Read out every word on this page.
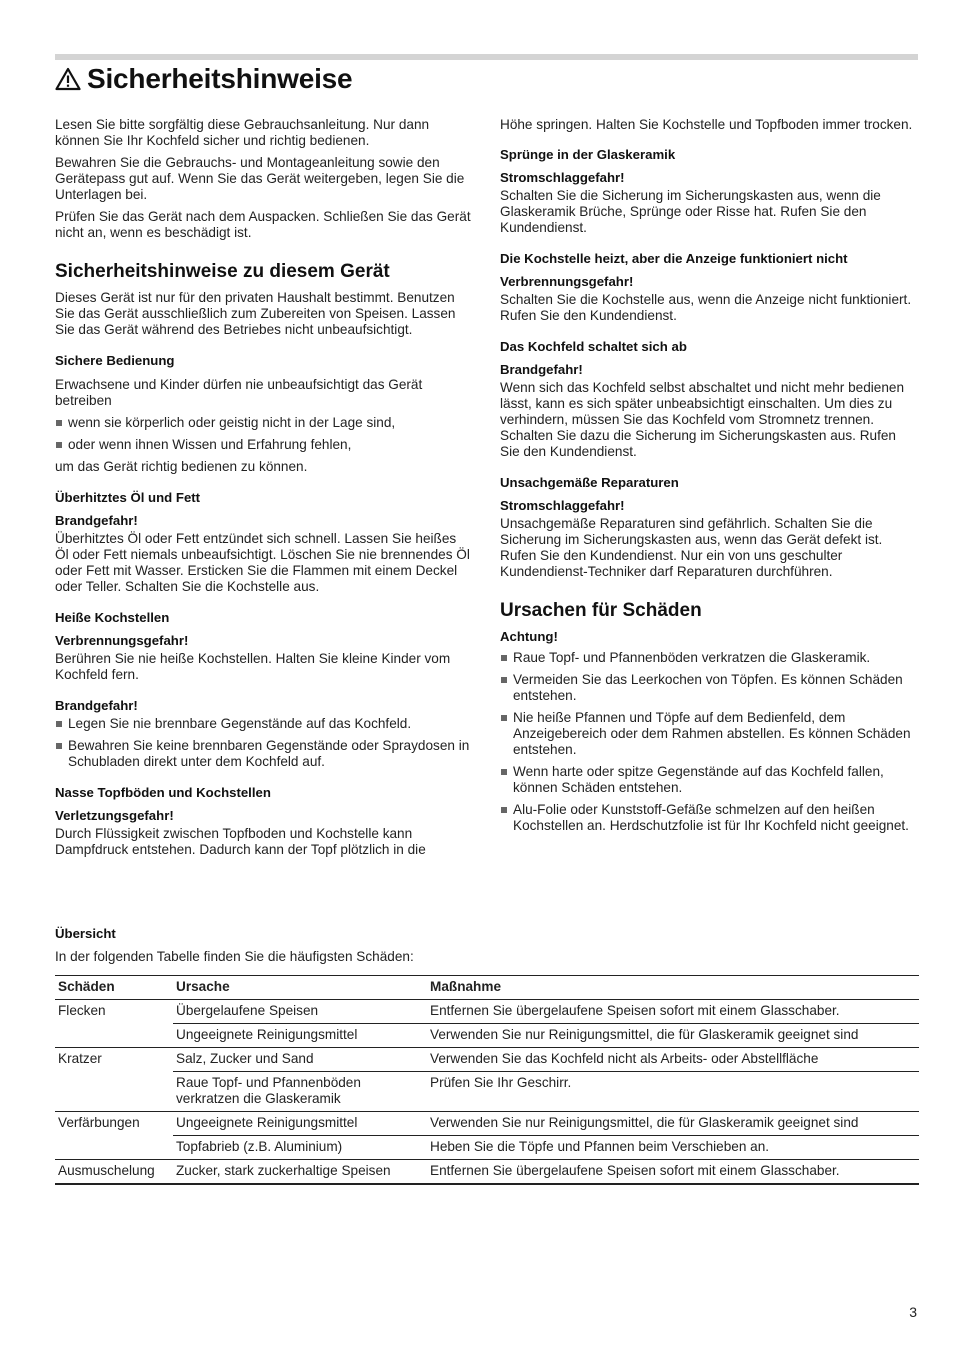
Sicherheitshinweise

Lesen Sie bitte sorgfältig diese Gebrauchsanleitung. Nur dann können Sie Ihr Kochfeld sicher und richtig bedienen.

Bewahren Sie die Gebrauchs- und Montageanleitung sowie den Gerätepass gut auf. Wenn Sie das Gerät weitergeben, legen Sie die Unterlagen bei.

Prüfen Sie das Gerät nach dem Auspacken. Schließen Sie das Gerät nicht an, wenn es beschädigt ist.

Sicherheitshinweise zu diesem Gerät

Dieses Gerät ist nur für den privaten Haushalt bestimmt. Benutzen Sie das Gerät ausschließlich zum Zubereiten von Speisen. Lassen Sie das Gerät während des Betriebes nicht unbeaufsichtigt.

Sichere Bedienung

Erwachsene und Kinder dürfen nie unbeaufsichtigt das Gerät betreiben

wenn sie körperlich oder geistig nicht in der Lage sind,
oder wenn ihnen Wissen und Erfahrung fehlen,

um das Gerät richtig bedienen zu können.

Überhitztes Öl und Fett
Brandgefahr!

Überhitztes Öl oder Fett entzündet sich schnell. Lassen Sie heißes Öl oder Fett niemals unbeaufsichtigt. Löschen Sie nie brennendes Öl oder Fett mit Wasser. Ersticken Sie die Flammen mit einem Deckel oder Teller. Schalten Sie die Kochstelle aus.

Heiße Kochstellen
Verbrennungsgefahr!

Berühren Sie nie heiße Kochstellen. Halten Sie kleine Kinder vom Kochfeld fern.

Brandgefahr!
Legen Sie nie brennbare Gegenstände auf das Kochfeld.
Bewahren Sie keine brennbaren Gegenstände oder Spraydosen in Schubladen direkt unter dem Kochfeld auf.
Nasse Topfböden und Kochstellen
Verletzungsgefahr!

Durch Flüssigkeit zwischen Topfboden und Kochstelle kann Dampfdruck entstehen. Dadurch kann der Topf plötzlich in die

Höhe springen. Halten Sie Kochstelle und Topfboden immer trocken.

Sprünge in der Glaskeramik
Stromschlaggefahr!

Schalten Sie die Sicherung im Sicherungskasten aus, wenn die Glaskeramik Brüche, Sprünge oder Risse hat. Rufen Sie den Kundendienst.

Die Kochstelle heizt, aber die Anzeige funktioniert nicht
Verbrennungsgefahr!

Schalten Sie die Kochstelle aus, wenn die Anzeige nicht funktioniert. Rufen Sie den Kundendienst.

Das Kochfeld schaltet sich ab
Brandgefahr!

Wenn sich das Kochfeld selbst abschaltet und nicht mehr bedienen lässt, kann es sich später unbeabsichtigt einschalten. Um dies zu verhindern, müssen Sie das Kochfeld vom Stromnetz trennen. Schalten Sie dazu die Sicherung im Sicherungskasten aus. Rufen Sie den Kundendienst.

Unsachgemäße Reparaturen
Stromschlaggefahr!

Unsachgemäße Reparaturen sind gefährlich. Schalten Sie die Sicherung im Sicherungskasten aus, wenn das Gerät defekt ist. Rufen Sie den Kundendienst. Nur ein von uns geschulter Kundendienst-Techniker darf Reparaturen durchführen.

Ursachen für Schäden
Achtung!
Raue Topf- und Pfannenböden verkratzen die Glaskeramik.
Vermeiden Sie das Leerkochen von Töpfen. Es können Schäden entstehen.
Nie heiße Pfannen und Töpfe auf dem Bedienfeld, dem Anzeigebereich oder dem Rahmen abstellen. Es können Schäden entstehen.
Wenn harte oder spitze Gegenstände auf das Kochfeld fallen, können Schäden entstehen.
Alu-Folie oder Kunststoff-Gefäße schmelzen auf den heißen Kochstellen an. Herdschutzfolie ist für Ihr Kochfeld nicht geeignet.
Übersicht

In der folgenden Tabelle finden Sie die häufigsten Schäden:

Schäden	Ursache	Maßnahme
Flecken	Übergelaufene Speisen	Entfernen Sie übergelaufene Speisen sofort mit einem Glasschaber.
	Ungeeignete Reinigungsmittel	Verwenden Sie nur Reinigungsmittel, die für Glaskeramik geeignet sind
Kratzer	Salz, Zucker und Sand	Verwenden Sie das Kochfeld nicht als Arbeits- oder Abstellfläche
	Raue Topf- und Pfannenböden verkratzen die Glaskeramik	Prüfen Sie Ihr Geschirr.
Verfärbungen	Ungeeignete Reinigungsmittel	Verwenden Sie nur Reinigungsmittel, die für Glaskeramik geeignet sind
	Topfabrieb (z.B. Aluminium)	Heben Sie die Töpfe und Pfannen beim Verschieben an.
Ausmuschelung	Zucker, stark zuckerhaltige Speisen	Entfernen Sie übergelaufene Speisen sofort mit einem Glasschaber.
3
